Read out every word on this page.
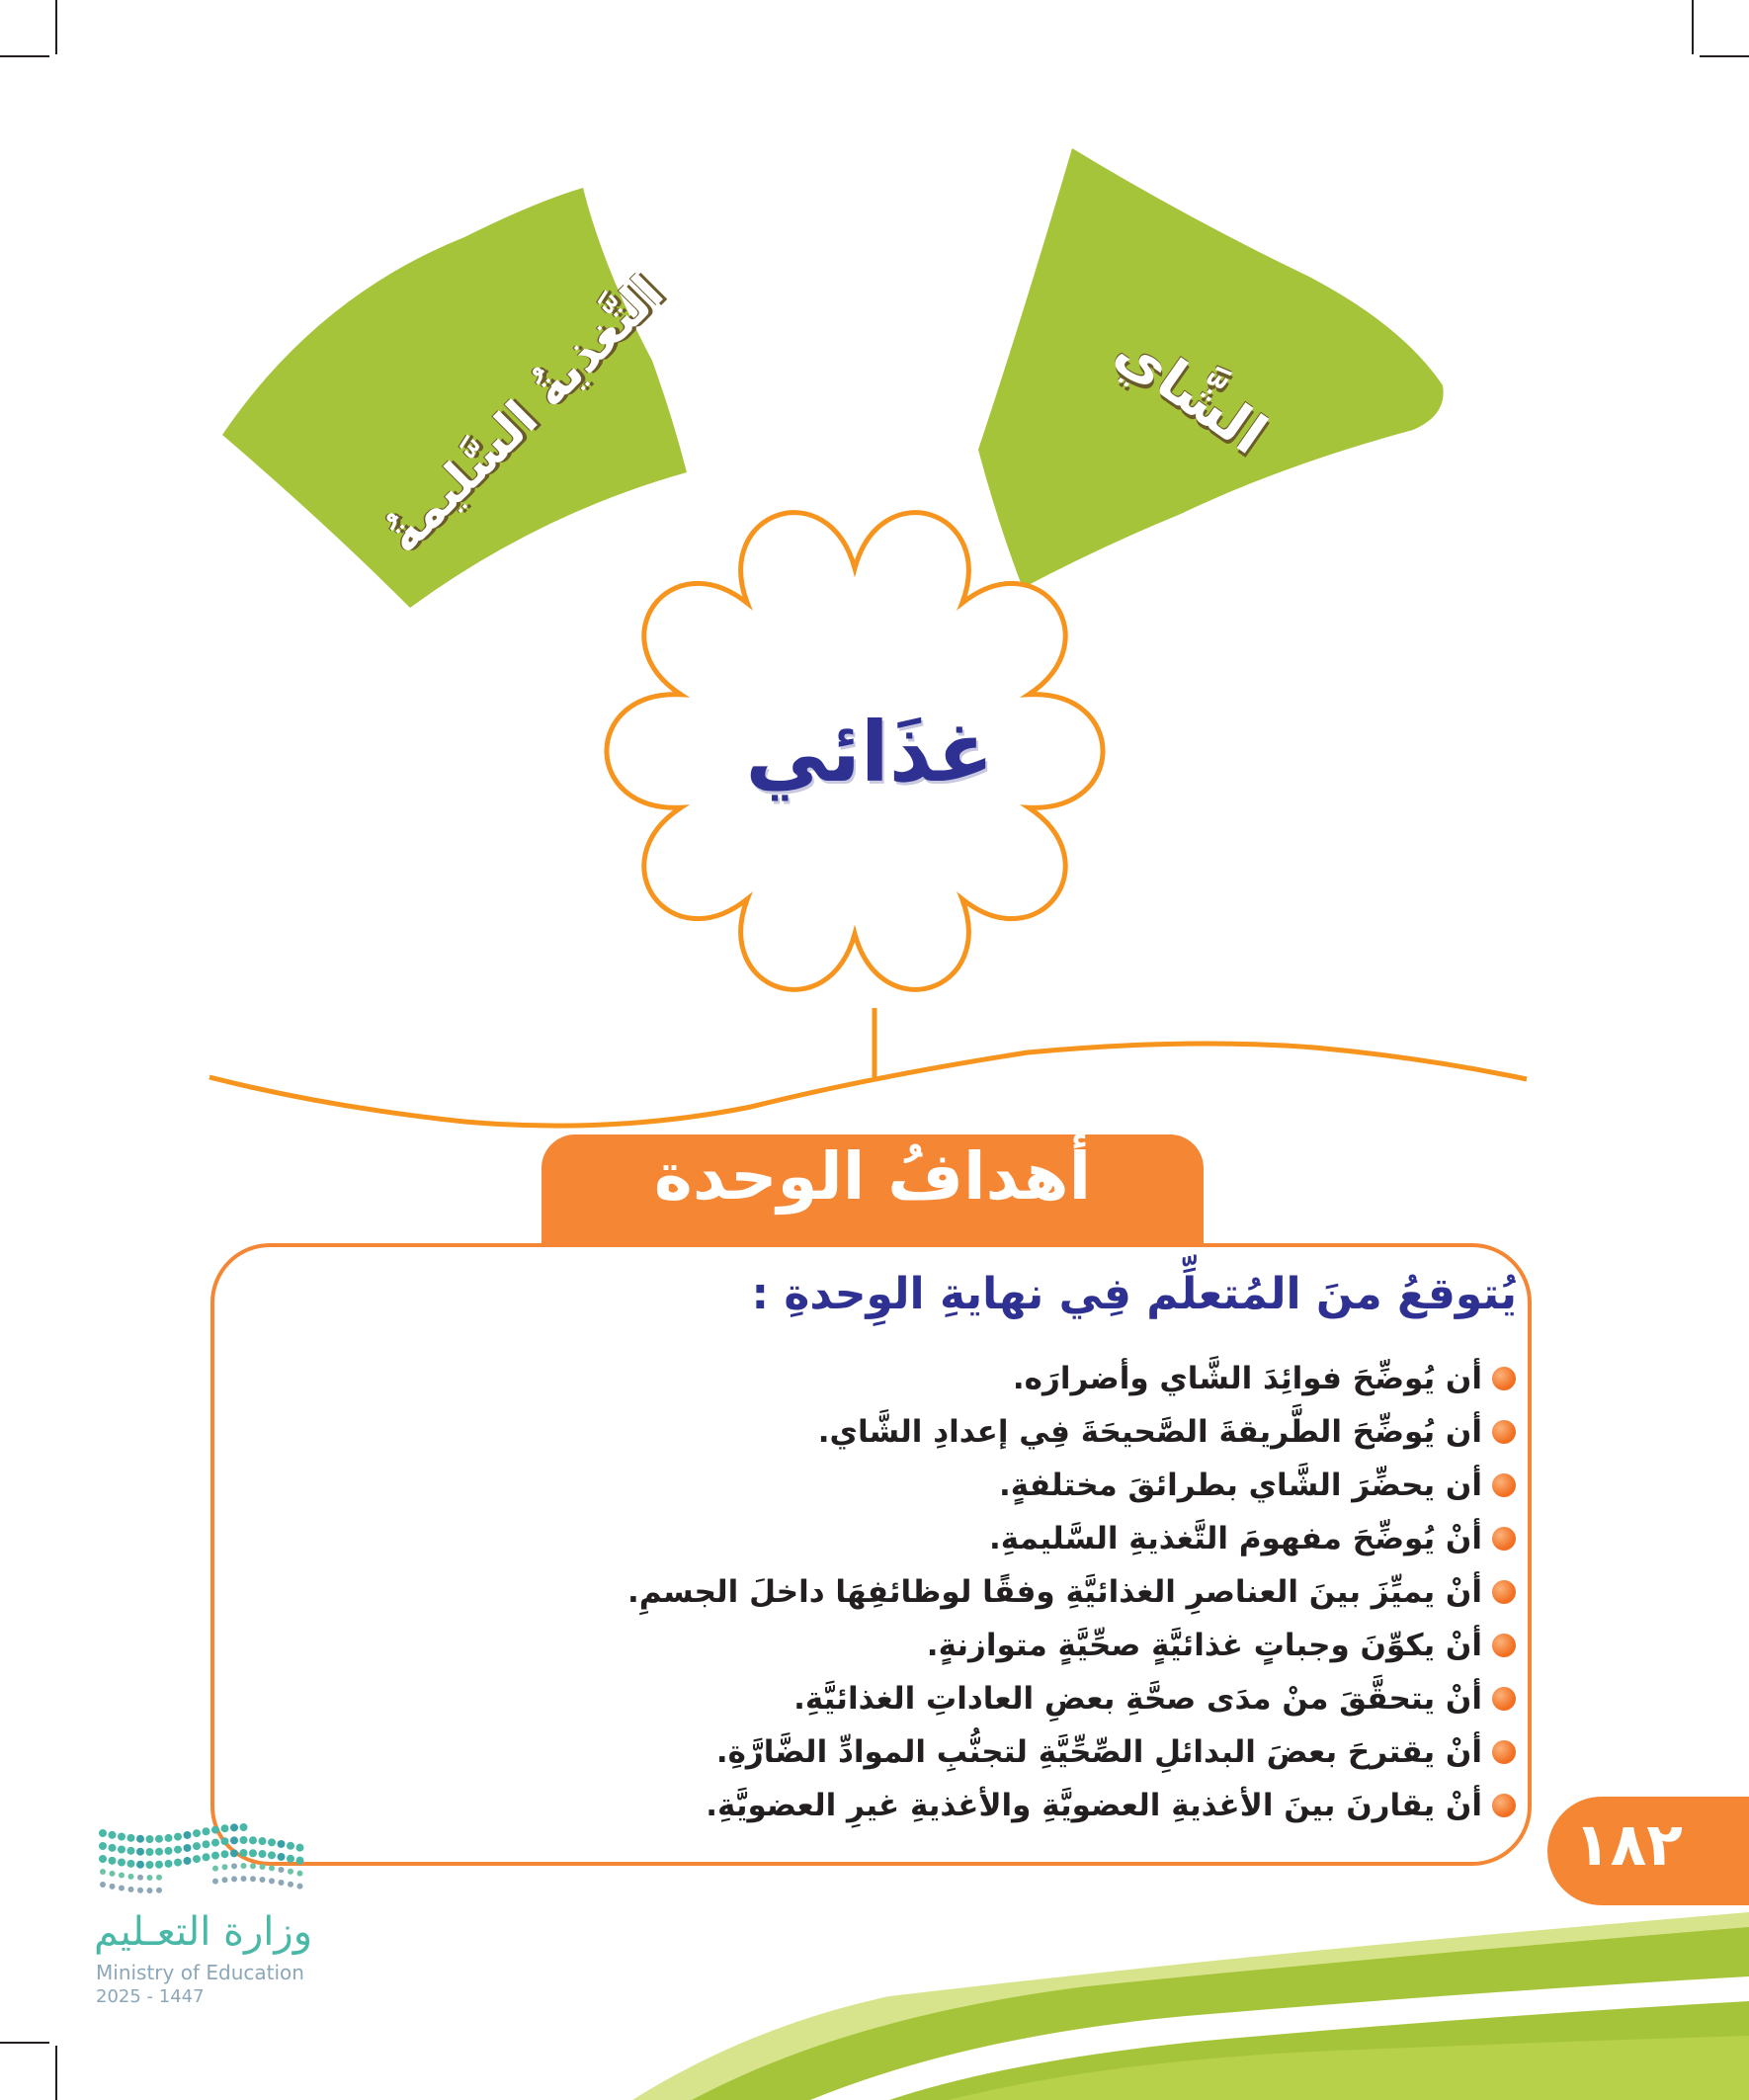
التَّغذيةُ السَّليمةُ	الشَّاي
غذَائي
أهدافُ الوحدة
يُتوقعُ منَ المُتعلِّم فِي نهايةِ الوِحدةِ :
أن يُوضِّحَ فوائِدَ الشَّاي وأضرارَه.
أن يُوضِّحَ الطَّريقةَ الصَّحيحَةَ فِي إعدادِ الشَّاي.
أن يحضِّرَ الشَّاي بطرائقَ مختلفةٍ.
أنْ يُوضِّحَ مفهومَ التَّغذيةِ السَّليمةِ.
أنْ يميِّزَ بينَ العناصرِ الغذائيَّةِ وفقًا لوظائفِهَا داخلَ الجسمِ.
أنْ يكوِّنَ وجباتٍ غذائيَّةٍ صحِّيَّةٍ متوازنةٍ.
أنْ يتحقَّقَ منْ مدَى صحَّةِ بعضِ العاداتِ الغذائيَّةِ.
أنْ يقترحَ بعضَ البدائلِ الصِّحِّيَّةِ لتجنُّبِ الموادِّ الضَّارَّةِ.
أنْ يقارنَ بينَ الأغذيةِ العضويَّةِ والأغذيةِ غيرِ العضويَّةِ.
١٨٢
وزارة التعـليم
Ministry of Education
2025 - 1447
